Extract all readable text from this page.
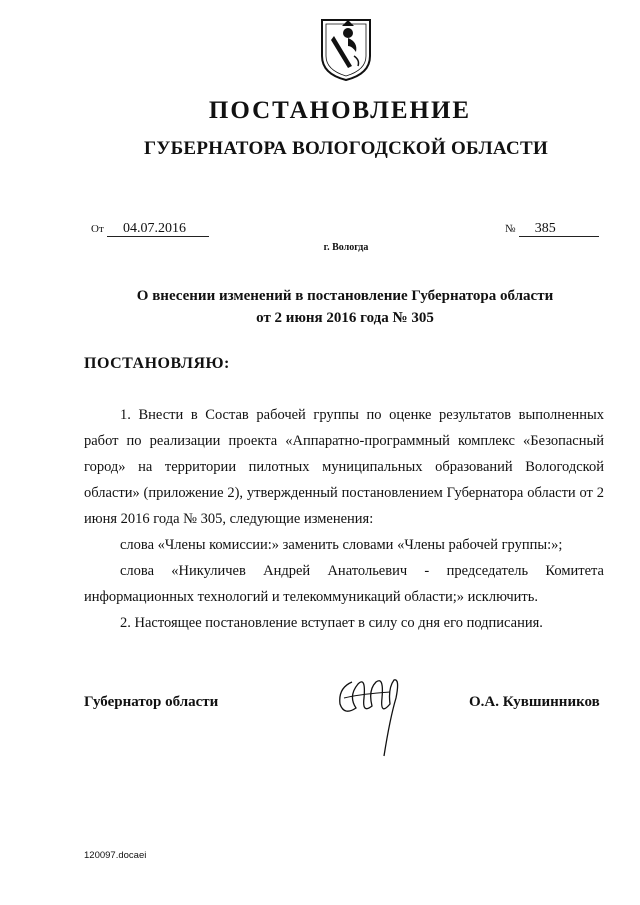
ПОСТАНОВЛЕНИЕ
ГУБЕРНАТОРА ВОЛОГОДСКОЙ ОБЛАСТИ
От 04.07.2016	№ 385
г. Вологда
О внесении изменений в постановление Губернатора области
от 2 июня 2016 года № 305
ПОСТАНОВЛЯЮ:

1. Внести в Состав рабочей группы по оценке результатов выполненных работ по реализации проекта «Аппаратно-программный комплекс «Безопасный город» на территории пилотных муниципальных образований Вологодской области» (приложение 2), утвержденный постановлением Губернатора области от 2 июня 2016 года № 305, следующие изменения:

слова «Члены комиссии:» заменить словами «Члены рабочей группы:»;

слова «Никуличев Андрей Анатольевич - председатель Комитета информационных технологий и телекоммуникаций области;» исключить.

2. Настоящее постановление вступает в силу со дня его подписания.

Губернатор области	О.А. Кувшинников
120097.docaei
